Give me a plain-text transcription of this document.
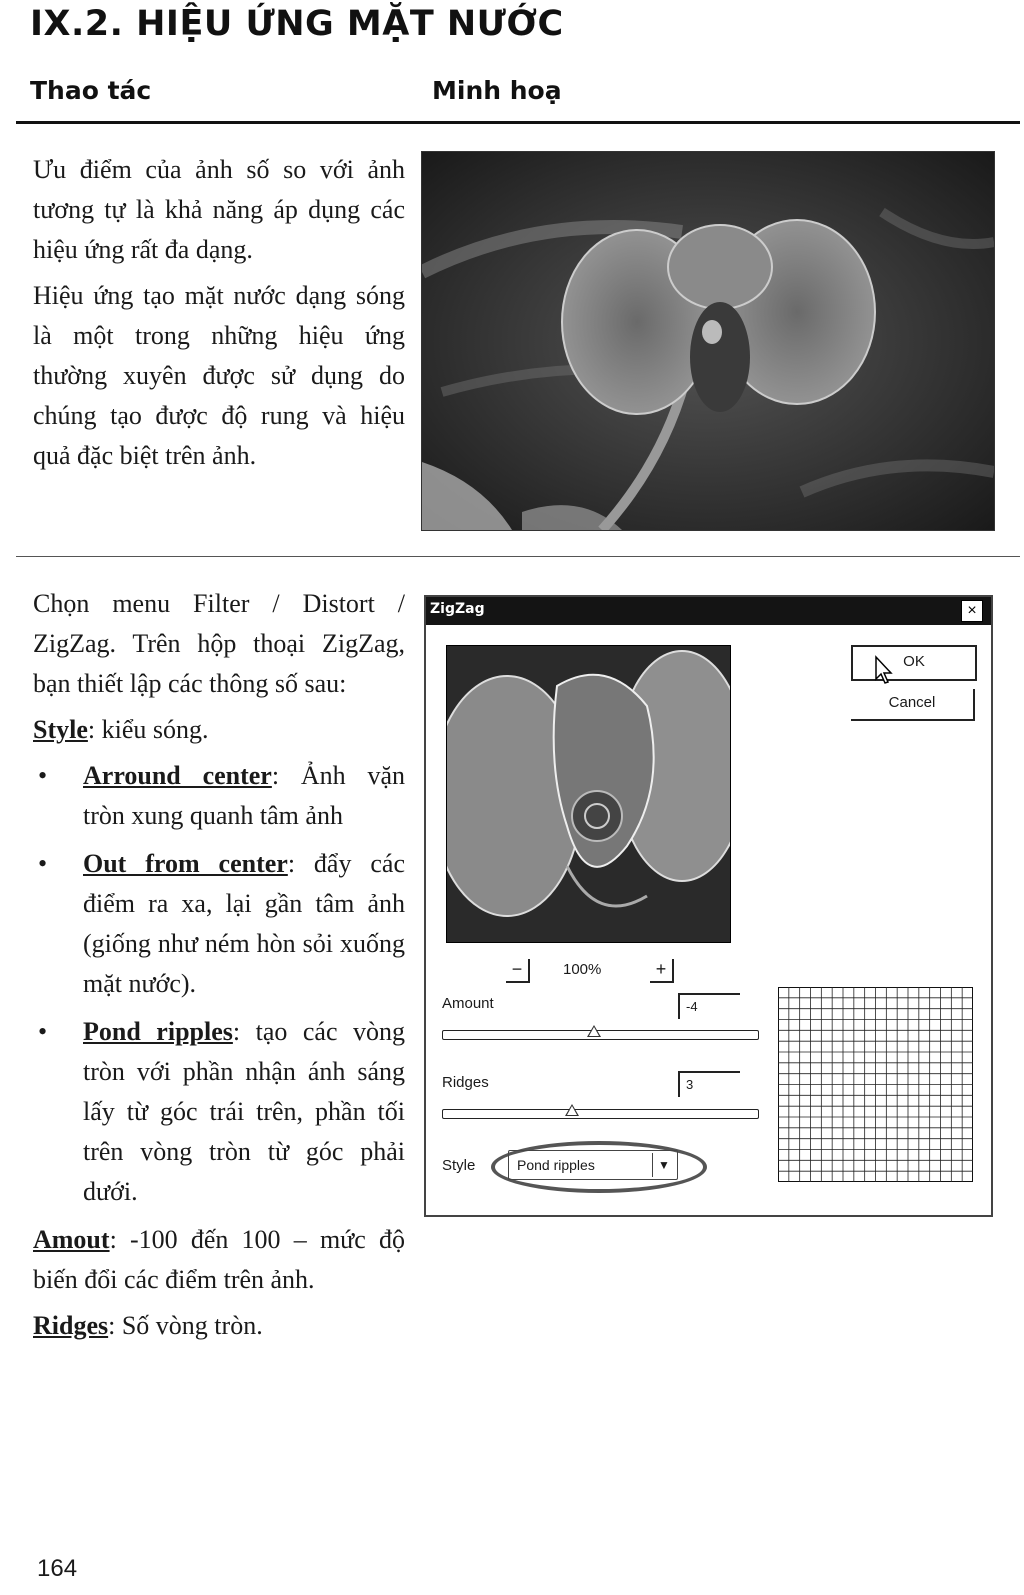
IX.2. HIỆU ỨNG MẶT NƯỚC
Thao tác	Minh hoạ

Ưu điểm của ảnh số so với ảnh tương tự là khả năng áp dụng các hiệu ứng rất đa dạng.

Hiệu ứng tạo mặt nước dạng sóng là một trong những hiệu ứng thường xuyên được sử dụng do chúng tạo được độ rung và hiệu quả đặc biệt trên ảnh.

Chọn menu Filter / Distort / ZigZag. Trên hộp thoại ZigZag, bạn thiết lập các thông số sau:

Style: kiểu sóng.

• Arround center: Ảnh vặn tròn xung quanh tâm ảnh
• Out from center: đẩy các điểm ra xa, lại gần tâm ảnh (giống như ném hòn sỏi xuống mặt nước).
• Pond ripples: tạo các vòng tròn với phần nhận ánh sáng lấy từ góc trái trên, phần tối trên vòng tròn từ góc phải dưới.

Amout: -100 đến 100 – mức độ biến đổi các điểm trên ảnh.

Ridges: Số vòng tròn.

ZigZag	×
OK
Cancel
−	100%	+
Amount	-4
Ridges	3
Style	Pond ripples	▼
164
